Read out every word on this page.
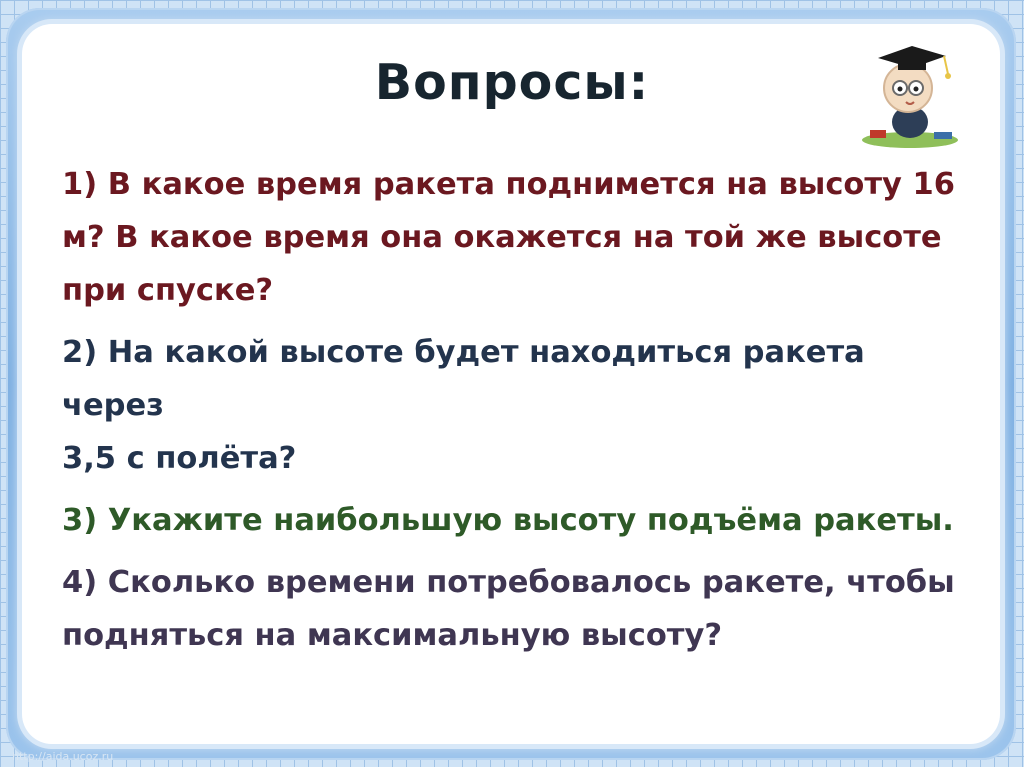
Вопросы:
1) В какое время ракета поднимется на высоту 16
м? В какое время она окажется на той же высоте
при спуске?
2) На какой высоте будет находиться ракета через
3,5 с полёта?
3) Укажите наибольшую высоту подъёма ракеты.
4) Сколько времени потребовалось ракете, чтобы
подняться на максимальную высоту?
http://aida.ucoz.ru
